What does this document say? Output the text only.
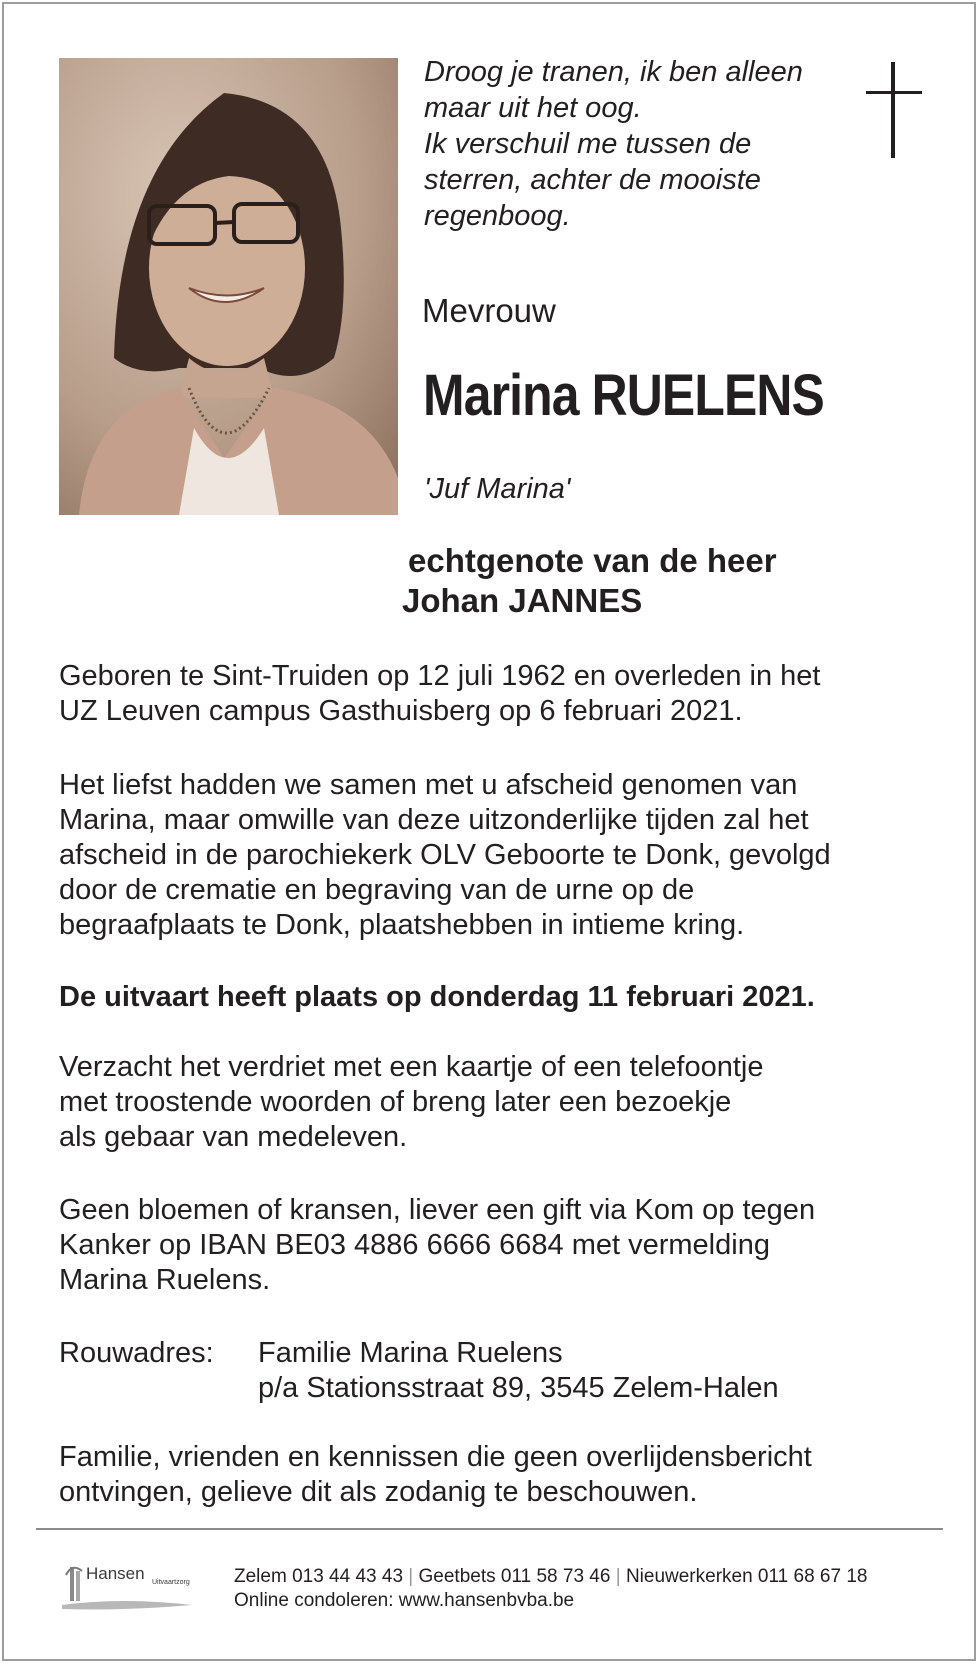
Droog je tranen, ik ben alleen
maar uit het oog.
Ik verschuil me tussen de
sterren, achter de mooiste
regenboog.
Mevrouw
Marina RUELENS
'Juf Marina'
echtgenote van de heer
Johan JANNES
Geboren te Sint-Truiden op 12 juli 1962 en overleden in het
UZ Leuven campus Gasthuisberg op 6 februari 2021.
Het liefst hadden we samen met u afscheid genomen van
Marina, maar omwille van deze uitzonderlijke tijden zal het
afscheid in de parochiekerk OLV Geboorte te Donk, gevolgd
door de crematie en begraving van de urne op de
begraafplaats te Donk, plaatshebben in intieme kring.
De uitvaart heeft plaats op donderdag 11 februari 2021.
Verzacht het verdriet met een kaartje of een telefoontje
met troostende woorden of breng later een bezoekje
als gebaar van medeleven.
Geen bloemen of kransen, liever een gift via Kom op tegen
Kanker op IBAN BE03 4886 6666 6684 met vermelding
Marina Ruelens.
Rouwadres: Familie Marina Ruelens
p/a Stationsstraat 89, 3545 Zelem-Halen
Familie, vrienden en kennissen die geen overlijdensbericht
ontvingen, gelieve dit als zodanig te beschouwen.
Hansen Uitvaartzorg Zelem 013 44 43 43 | Geetbets 011 58 73 46 | Nieuwerkerken 011 68 67 18
Online condoleren: www.hansenbvba.be
